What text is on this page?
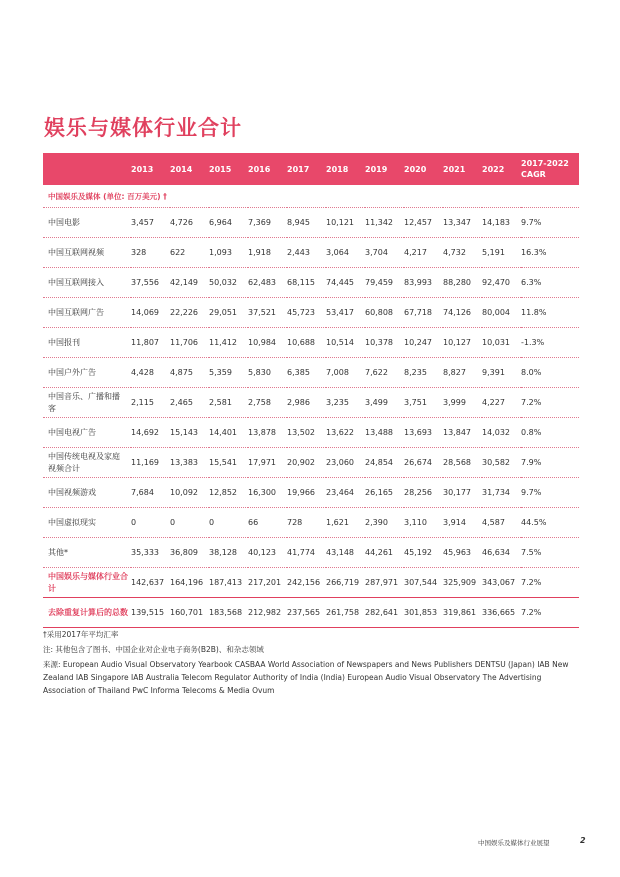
娱乐与媒体行业合计
	2013	2014	2015	2016	2017	2018	2019	2020	2021	2022	2017-2022 CAGR
中国娱乐及媒体 (单位: 百万美元) †											
中国电影	3,457	4,726	6,964	7,369	8,945	10,121	11,342	12,457	13,347	14,183	9.7%
中国互联网视频	328	622	1,093	1,918	2,443	3,064	3,704	4,217	4,732	5,191	16.3%
中国互联网接入	37,556	42,149	50,032	62,483	68,115	74,445	79,459	83,993	88,280	92,470	6.3%
中国互联网广告	14,069	22,226	29,051	37,521	45,723	53,417	60,808	67,718	74,126	80,004	11.8%
中国报刊	11,807	11,706	11,412	10,984	10,688	10,514	10,378	10,247	10,127	10,031	-1.3%
中国户外广告	4,428	4,875	5,359	5,830	6,385	7,008	7,622	8,235	8,827	9,391	8.0%
中国音乐、广播和播客	2,115	2,465	2,581	2,758	2,986	3,235	3,499	3,751	3,999	4,227	7.2%
中国电视广告	14,692	15,143	14,401	13,878	13,502	13,622	13,488	13,693	13,847	14,032	0.8%
中国传统电视及家庭视频合计	11,169	13,383	15,541	17,971	20,902	23,060	24,854	26,674	28,568	30,582	7.9%
中国视频游戏	7,684	10,092	12,852	16,300	19,966	23,464	26,165	28,256	30,177	31,734	9.7%
中国虚拟现实	0	0	0	66	728	1,621	2,390	3,110	3,914	4,587	44.5%
其他*	35,333	36,809	38,128	40,123	41,774	43,148	44,261	45,192	45,963	46,634	7.5%
中国娱乐与媒体行业合计	142,637	164,196	187,413	217,201	242,156	266,719	287,971	307,544	325,909	343,067	7.2%
去除重复计算后的总数	139,515	160,701	183,568	212,982	237,565	261,758	282,641	301,853	319,861	336,665	7.2%

†采用2017年平均汇率

注: 其他包含了图书、中国企业对企业电子商务(B2B)、和杂志领域

来源: European Audio Visual Observatory Yearbook CASBAA World Association of Newspapers and News Publishers DENTSU (Japan) IAB New Zealand IAB Singapore IAB Australia Telecom Regulator Authority of India (India) European Audio Visual Observatory The Advertising Association of Thailand PwC Informa Telecoms & Media Ovum

中国娱乐及媒体行业展望	2
